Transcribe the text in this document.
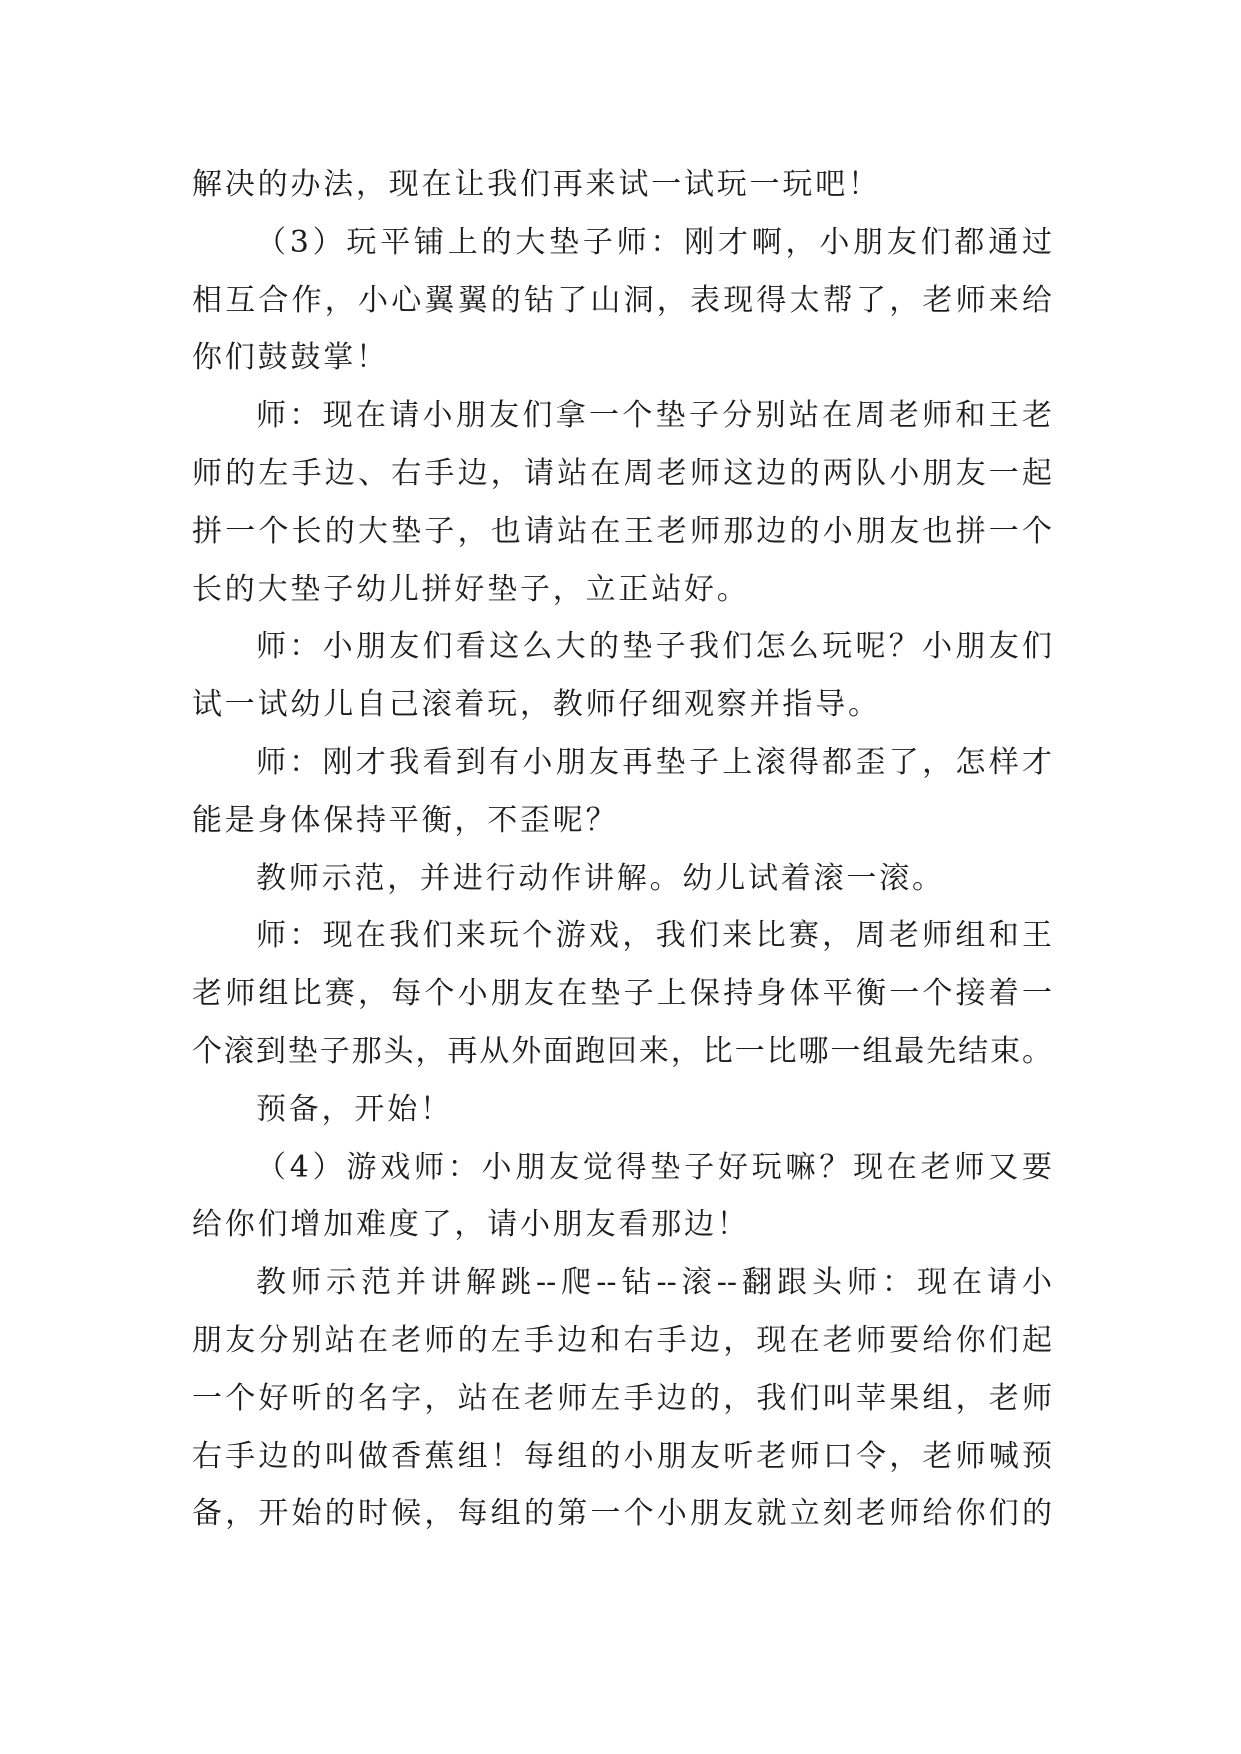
解决的办法，现在让我们再来试一试玩一玩吧！
（3）玩平铺上的大垫子师：刚才啊，小朋友们都通过
相互合作，小心翼翼的钻了山洞，表现得太帮了，老师来给
你们鼓鼓掌！
师：现在请小朋友们拿一个垫子分别站在周老师和王老
师的左手边、右手边，请站在周老师这边的两队小朋友一起
拼一个长的大垫子，也请站在王老师那边的小朋友也拼一个
长的大垫子幼儿拼好垫子，立正站好。
师：小朋友们看这么大的垫子我们怎么玩呢？小朋友们
试一试幼儿自己滚着玩，教师仔细观察并指导。
师：刚才我看到有小朋友再垫子上滚得都歪了，怎样才
能是身体保持平衡，不歪呢？
教师示范，并进行动作讲解。幼儿试着滚一滚。
师：现在我们来玩个游戏，我们来比赛，周老师组和王
老师组比赛，每个小朋友在垫子上保持身体平衡一个接着一
个滚到垫子那头，再从外面跑回来，比一比哪一组最先结束。
预备，开始！
（4）游戏师：小朋友觉得垫子好玩嘛？现在老师又要
给你们增加难度了，请小朋友看那边！
教师示范并讲解跳--爬--钻--滚--翻跟头师：现在请小
朋友分别站在老师的左手边和右手边，现在老师要给你们起
一个好听的名字，站在老师左手边的，我们叫苹果组，老师
右手边的叫做香蕉组！每组的小朋友听老师口令，老师喊预
备，开始的时候，每组的第一个小朋友就立刻老师给你们的
